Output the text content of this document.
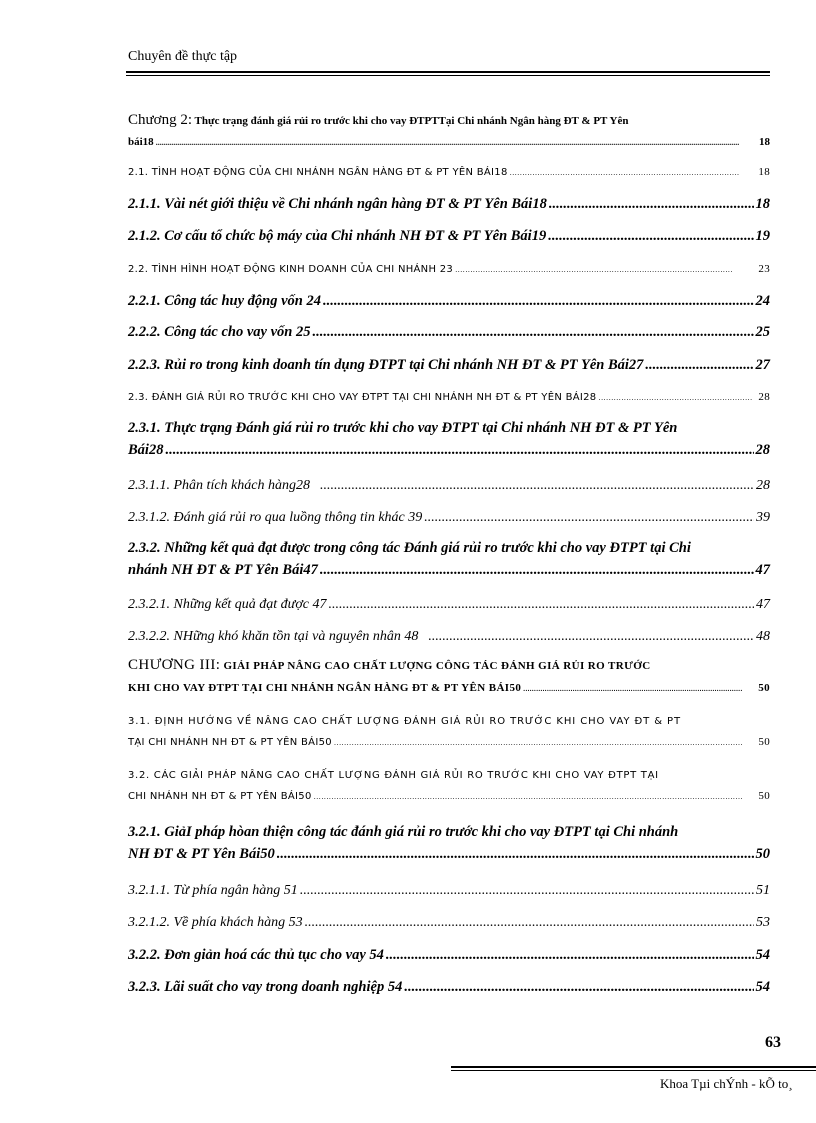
Chuyên đề thực tập
Chương 2: Thực trạng đánh giá rủi ro trước khi cho vay ĐTPTTại Chi nhánh Ngân hàng ĐT & PT Yên
bái18 .....	18
2.1. TÌNH HOẠT ĐỘNG CỦA CHI NHÁNH NGÂN HÀNG ĐT & PT YÊN BÁI18 .....	18
2.1.1. Vài nét giới thiệu về Chi nhánh ngân hàng ĐT & PT Yên Bái18 .....	18
2.1.2. Cơ cấu tổ chức bộ máy của Chi nhánh NH ĐT & PT Yên Bái19 .....	19
2.2. TÌNH HÌNH HOẠT ĐỘNG KINH DOANH CỦA CHI NHÁNH 23 .....	23
2.2.1. Công tác huy động vốn 24 .....	24
2.2.2. Công tác cho vay vốn 25 .....	25
2.2.3. Rủi ro trong kinh doanh tín dụng ĐTPT tại Chi nhánh NH ĐT & PT Yên Bái27 .....	27
2.3. ĐÁNH GIÁ RỦI RO TRƯỚC KHI CHO VAY ĐTPT TẠI CHI NHÁNH NH ĐT & PT YÊN BÁI28 .....	28
2.3.1. Thực trạng Đánh giá rủi ro trước khi cho vay ĐTPT tại Chi nhánh NH ĐT & PT Yên
Bái28 .....	28
2.3.1.1. Phân tích khách hàng28 .....	28
2.3.1.2. Đánh giá rủi ro qua luồng thông tin khác 39 .....	39
2.3.2. Những kết quả đạt được trong công tác Đánh giá rủi ro trước khi cho vay ĐTPT tại Chi
nhánh NH ĐT & PT Yên Bái47 .....	47
2.3.2.1. Những kết quả đạt được 47 .....	47
2.3.2.2. NHững khó khăn tồn tại và nguyên nhân 48 .....	48
CHƯƠNG III: GIẢI PHÁP NÂNG CAO CHẤT LƯỢNG CÔNG TÁC ĐÁNH GIÁ RỦI RO TRƯỚC
KHI CHO VAY ĐTPT TẠI CHI NHÁNH NGÂN HÀNG ĐT & PT YÊN BÁI50 .....	50
3.1. ĐỊNH HƯỚNG VỀ NÂNG CAO CHẤT LƯỢNG ĐÁNH GIÁ RỦI RO TRƯỚC KHI CHO VAY ĐT & PT
TẠI CHI NHÁNH NH ĐT & PT YÊN BÁI50 .....	50
3.2. CÁC GIẢI PHÁP NÂNG CAO CHẤT LƯỢNG ĐÁNH GIÁ RỦI RO TRƯỚC KHI CHO VAY ĐTPT TẠI
CHI NHÁNH NH ĐT & PT YÊN BÁI50 .....	50
3.2.1. GiảI pháp hòan thiện công tác đánh giá rủi ro trước khi cho vay ĐTPT tại Chi nhánh
NH ĐT & PT Yên Bái50 .....	50
3.2.1.1. Từ phía ngân hàng 51 .....	51
3.2.1.2. Về phía khách hàng 53 .....	53
3.2.2. Đơn giản hoá các thủ tục cho vay 54 .....	54
3.2.3. Lãi suất cho vay trong doanh nghiệp 54 .....	54
63
Khoa Tµi chÝnh - kÕ to¸
